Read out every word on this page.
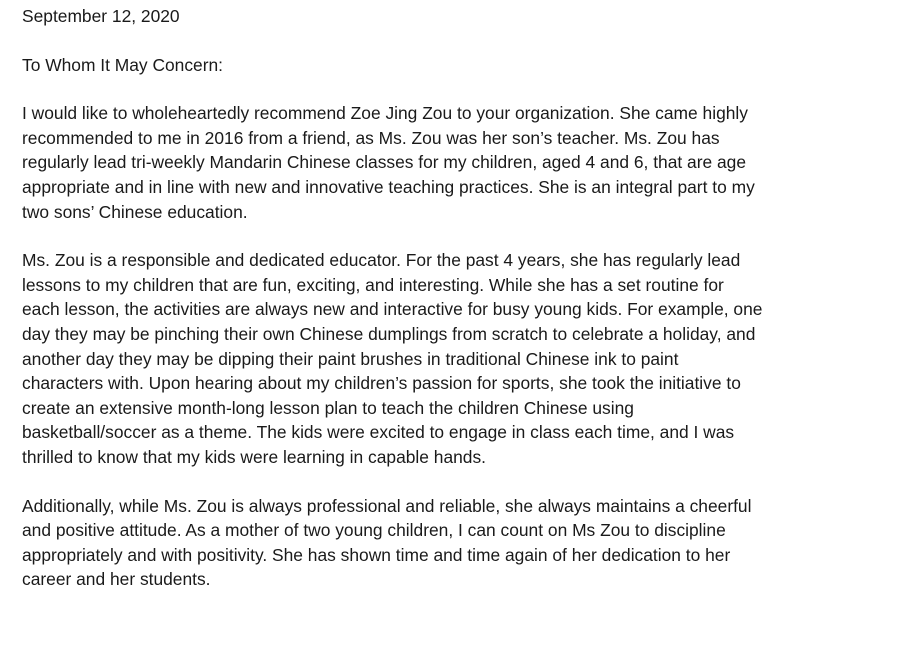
September 12, 2020
To Whom It May Concern:
I would like to wholeheartedly recommend Zoe Jing Zou to your organization. She came highly
recommended to me in 2016 from a friend, as Ms. Zou was her son’s teacher. Ms. Zou has
regularly lead tri-weekly Mandarin Chinese classes for my children, aged 4 and 6, that are age
appropriate and in line with new and innovative teaching practices. She is an integral part to my
two sons’ Chinese education.
Ms. Zou is a responsible and dedicated educator. For the past 4 years, she has regularly lead
lessons to my children that are fun, exciting, and interesting. While she has a set routine for
each lesson, the activities are always new and interactive for busy young kids. For example, one
day they may be pinching their own Chinese dumplings from scratch to celebrate a holiday, and
another day they may be dipping their paint brushes in traditional Chinese ink to paint
characters with. Upon hearing about my children’s passion for sports, she took the initiative to
create an extensive month-long lesson plan to teach the children Chinese using
basketball/soccer as a theme. The kids were excited to engage in class each time, and I was
thrilled to know that my kids were learning in capable hands.
Additionally, while Ms. Zou is always professional and reliable, she always maintains a cheerful
and positive attitude. As a mother of two young children, I can count on Ms Zou to discipline
appropriately and with positivity. She has shown time and time again of her dedication to her
career and her students.
